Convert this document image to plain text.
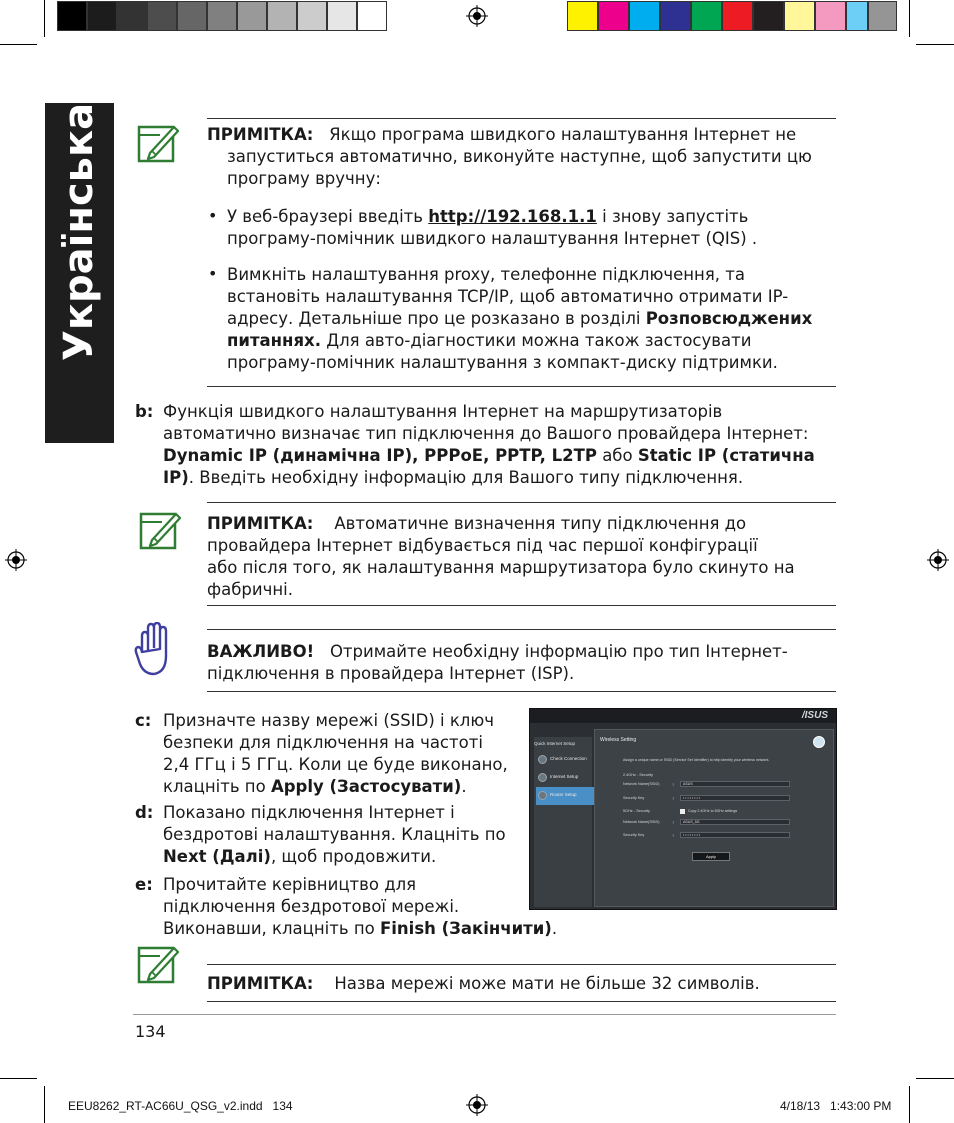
Українська	ПРИМІТКА: Якщо програма швидкого налаштування Інтернет не
запуститься автоматично, виконуйте наступне, щоб запустити цю
програму вручну:
• У веб-браузері введіть http://192.168.1.1 і знову запустіть
програму-помічник швидкого налаштування Інтернет (QIS) .
• Вимкніть налаштування proxy, телефонне підключення, та
встановіть налаштування TCP/IP, щоб автоматично отримати IP-
адресу. Детальніше про це розказано в розділі Розповсюджених
питаннях. Для авто-діагностики можна також застосувати
програму-помічник налаштування з компакт-диску підтримки.
b: Функція швидкого налаштування Інтернет на маршрутизаторів
автоматично визначає тип підключення до Вашого провайдера Інтернет:
Dynamic IP (динамічна IP), PPPoE, PPTP, L2TP або Static IP (статична
IP). Введіть необхідну інформацію для Вашого типу підключення.
ПРИМІТКА: Автоматичне визначення типу підключення до
провайдера Інтернет відбувається під час першої конфігурації
або після того, як налаштування маршрутизатора було скинуто на
фабричні.
ВАЖЛИВО! Отримайте необхідну інформацію про тип Інтернет-
підключення в провайдера Інтернет (ISP).
c: Призначте назву мережі (SSID) і ключ
безпеки для підключення на частоті
2,4 ГГц і 5 ГГц. Коли це буде виконано,
клацніть по Apply (Застосувати).
d: Показано підключення Інтернет і
бездротові налаштування. Клацніть по
Next (Далі), щоб продовжити.
e: Прочитайте керівництво для
підключення бездротової мережі.
Виконавши, клацніть по Finish (Закінчити).
/ISUS
Quick Internet Setup
Check Connection
Internet Setup
Router Setup
Wireless Setting
Assign a unique name or SSID (Service Set Identifier) to help identify your wireless network.
2.4GHz - Security
Network Name(SSID)	?	ASUS
Security Key	?	• • • • • • • •
5GHz - Security	Copy 2.4GHz to 5GHz settings
Network Name(SSID)	?	ASUS_5G
Security Key	?	• • • • • • • •
Apply
ПРИМІТКА: Назва мережі може мати не більше 32 символів.
134
EEU8262_RT-AC66U_QSG_v2.indd   134	4/18/13   1:43:00 PM
